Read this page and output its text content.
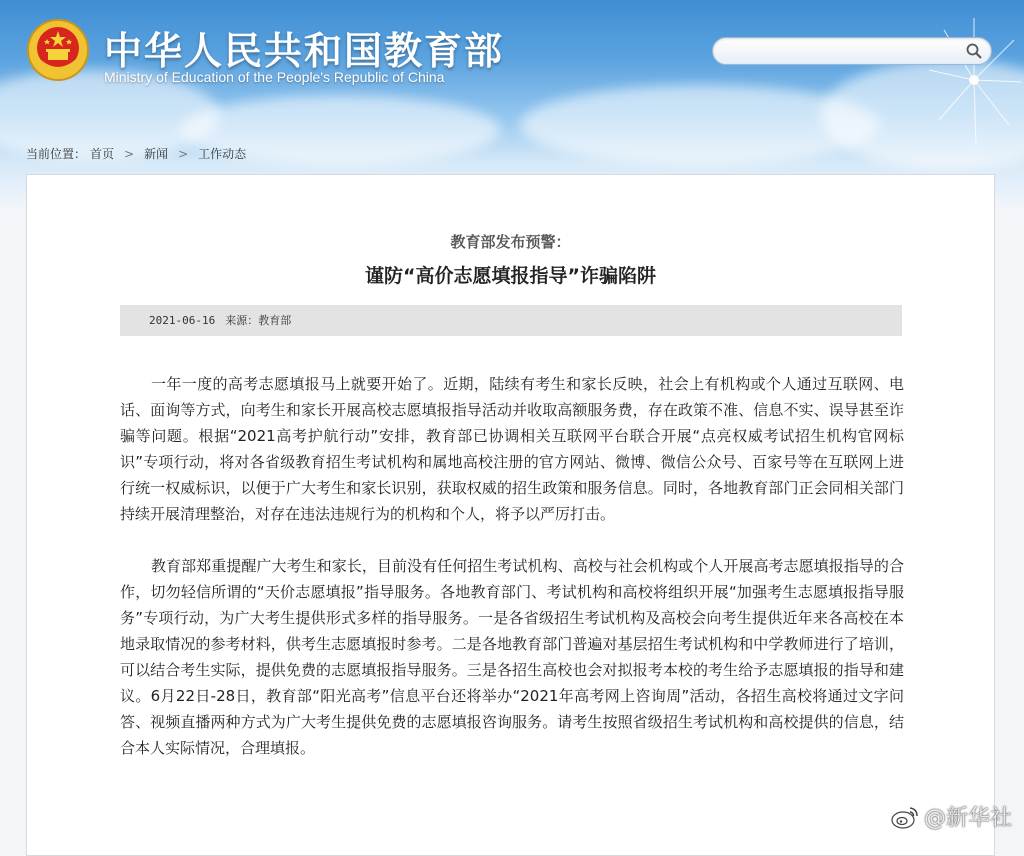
中华人民共和国教育部
Ministry of Education of the People's Republic of China
当前位置： 首页 > 新闻 > 工作动态
教育部发布预警：
谨防“高价志愿填报指导”诈骗陷阱
2021-06-16 来源：教育部

一年一度的高考志愿填报马上就要开始了。近期，陆续有考生和家长反映，社会上有机构或个人通过互联网、电话、面询等方式，向考生和家长开展高校志愿填报指导活动并收取高额服务费，存在政策不准、信息不实、误导甚至诈骗等问题。根据“2021高考护航行动”安排，教育部已协调相关互联网平台联合开展“点亮权威考试招生机构官网标识”专项行动，将对各省级教育招生考试机构和属地高校注册的官方网站、微博、微信公众号、百家号等在互联网上进行统一权威标识，以便于广大考生和家长识别，获取权威的招生政策和服务信息。同时，各地教育部门正会同相关部门持续开展清理整治，对存在违法违规行为的机构和个人，将予以严厉打击。

教育部郑重提醒广大考生和家长，目前没有任何招生考试机构、高校与社会机构或个人开展高考志愿填报指导的合作，切勿轻信所谓的“天价志愿填报”指导服务。各地教育部门、考试机构和高校将组织开展“加强考生志愿填报指导服务”专项行动，为广大考生提供形式多样的指导服务。一是各省级招生考试机构及高校会向考生提供近年来各高校在本地录取情况的参考材料，供考生志愿填报时参考。二是各地教育部门普遍对基层招生考试机构和中学教师进行了培训，可以结合考生实际，提供免费的志愿填报指导服务。三是各招生高校也会对拟报考本校的考生给予志愿填报的指导和建议。6月22日-28日，教育部“阳光高考”信息平台还将举办“2021年高考网上咨询周”活动，各招生高校将通过文字问答、视频直播两种方式为广大考生提供免费的志愿填报咨询服务。请考生按照省级招生考试机构和高校提供的信息，结合本人实际情况，合理填报。

@新华社
